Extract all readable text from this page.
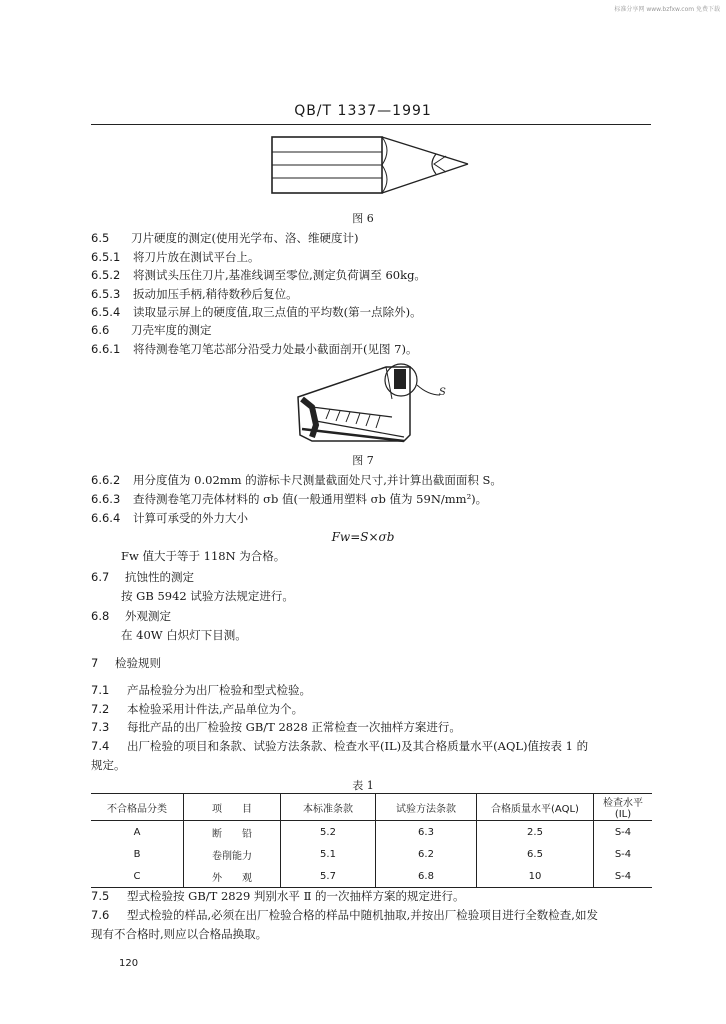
标准分享网 www.bzfxw.com 免费下载
QB/T 1337—1991
图 6
6.5 刀片硬度的测定(使用光学布、洛、维硬度计)
6.5.1 将刀片放在测试平台上。
6.5.2 将测试头压住刀片,基准线调至零位,测定负荷调至 60kg。
6.5.3 扳动加压手柄,稍待数秒后复位。
6.5.4 读取显示屏上的硬度值,取三点值的平均数(第一点除外)。
6.6 刀壳牢度的测定
6.6.1 将待测卷笔刀笔芯部分沿受力处最小截面剖开(见图 7)。
S
图 7
6.6.2 用分度值为 0.02mm 的游标卡尺测量截面处尺寸,并计算出截面面积 S。
6.6.3 查待测卷笔刀壳体材料的 σb 值(一般通用塑料 σb 值为 59N/mm²)。
6.6.4 计算可承受的外力大小
Fw=S×σb
Fw 值大于等于 118N 为合格。
6.7 抗蚀性的测定
按 GB 5942 试验方法规定进行。
6.8 外观测定
在 40W 白炽灯下目测。
7 检验规则
7.1 产品检验分为出厂检验和型式检验。
7.2 本检验采用计件法,产品单位为个。
7.3 每批产品的出厂检验按 GB/T 2828 正常检查一次抽样方案进行。
7.4 出厂检验的项目和条款、试验方法条款、检查水平(IL)及其合格质量水平(AQL)值按表 1 的
规定。
表 1
不合格品分类	项　　目	本标准条款	试验方法条款	合格质量水平(AQL)	检查水平(IL)
A	断　　铅	5.2	6.3	2.5	S-4
B	卷削能力	5.1	6.2	6.5	S-4
C	外　　观	5.7	6.8	10	S-4
7.5 型式检验按 GB/T 2829 判别水平 Ⅱ 的一次抽样方案的规定进行。
7.6 型式检验的样品,必须在出厂检验合格的样品中随机抽取,并按出厂检验项目进行全数检查,如发
现有不合格时,则应以合格品换取。
120
